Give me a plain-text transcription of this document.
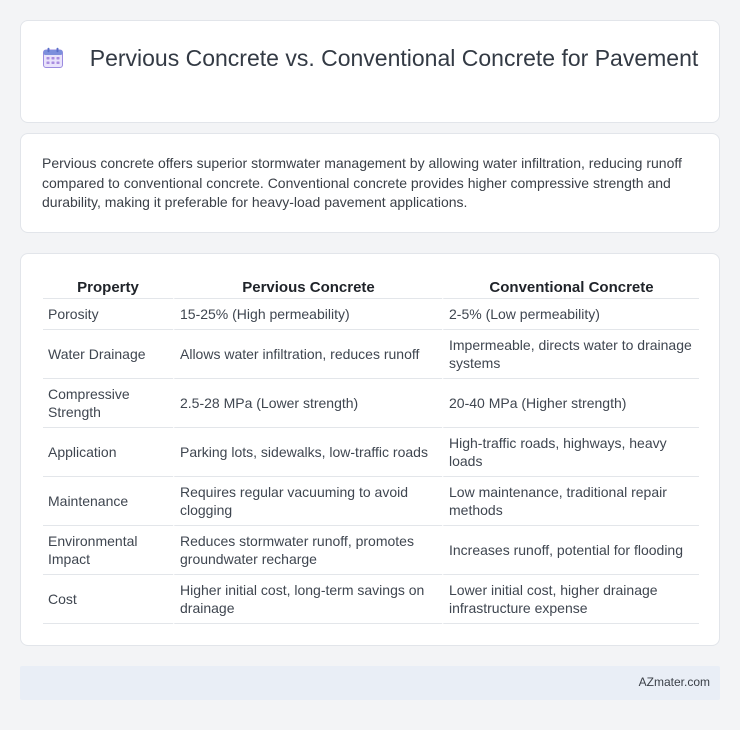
Pervious Concrete vs. Conventional Concrete for Pavement

Pervious concrete offers superior stormwater management by allowing water infiltration, reducing runoff compared to conventional concrete. Conventional concrete provides higher compressive strength and durability, making it preferable for heavy-load pavement applications.

Property	Pervious Concrete	Conventional Concrete
Porosity	15-25% (High permeability)	2-5% (Low permeability)
Water Drainage	Allows water infiltration, reduces runoff	Impermeable, directs water to drainage systems
Compressive Strength	2.5-28 MPa (Lower strength)	20-40 MPa (Higher strength)
Application	Parking lots, sidewalks, low-traffic roads	High-traffic roads, highways, heavy loads
Maintenance	Requires regular vacuuming to avoid clogging	Low maintenance, traditional repair methods
Environmental Impact	Reduces stormwater runoff, promotes groundwater recharge	Increases runoff, potential for flooding
Cost	Higher initial cost, long-term savings on drainage	Lower initial cost, higher drainage infrastructure expense
AZmater.com
